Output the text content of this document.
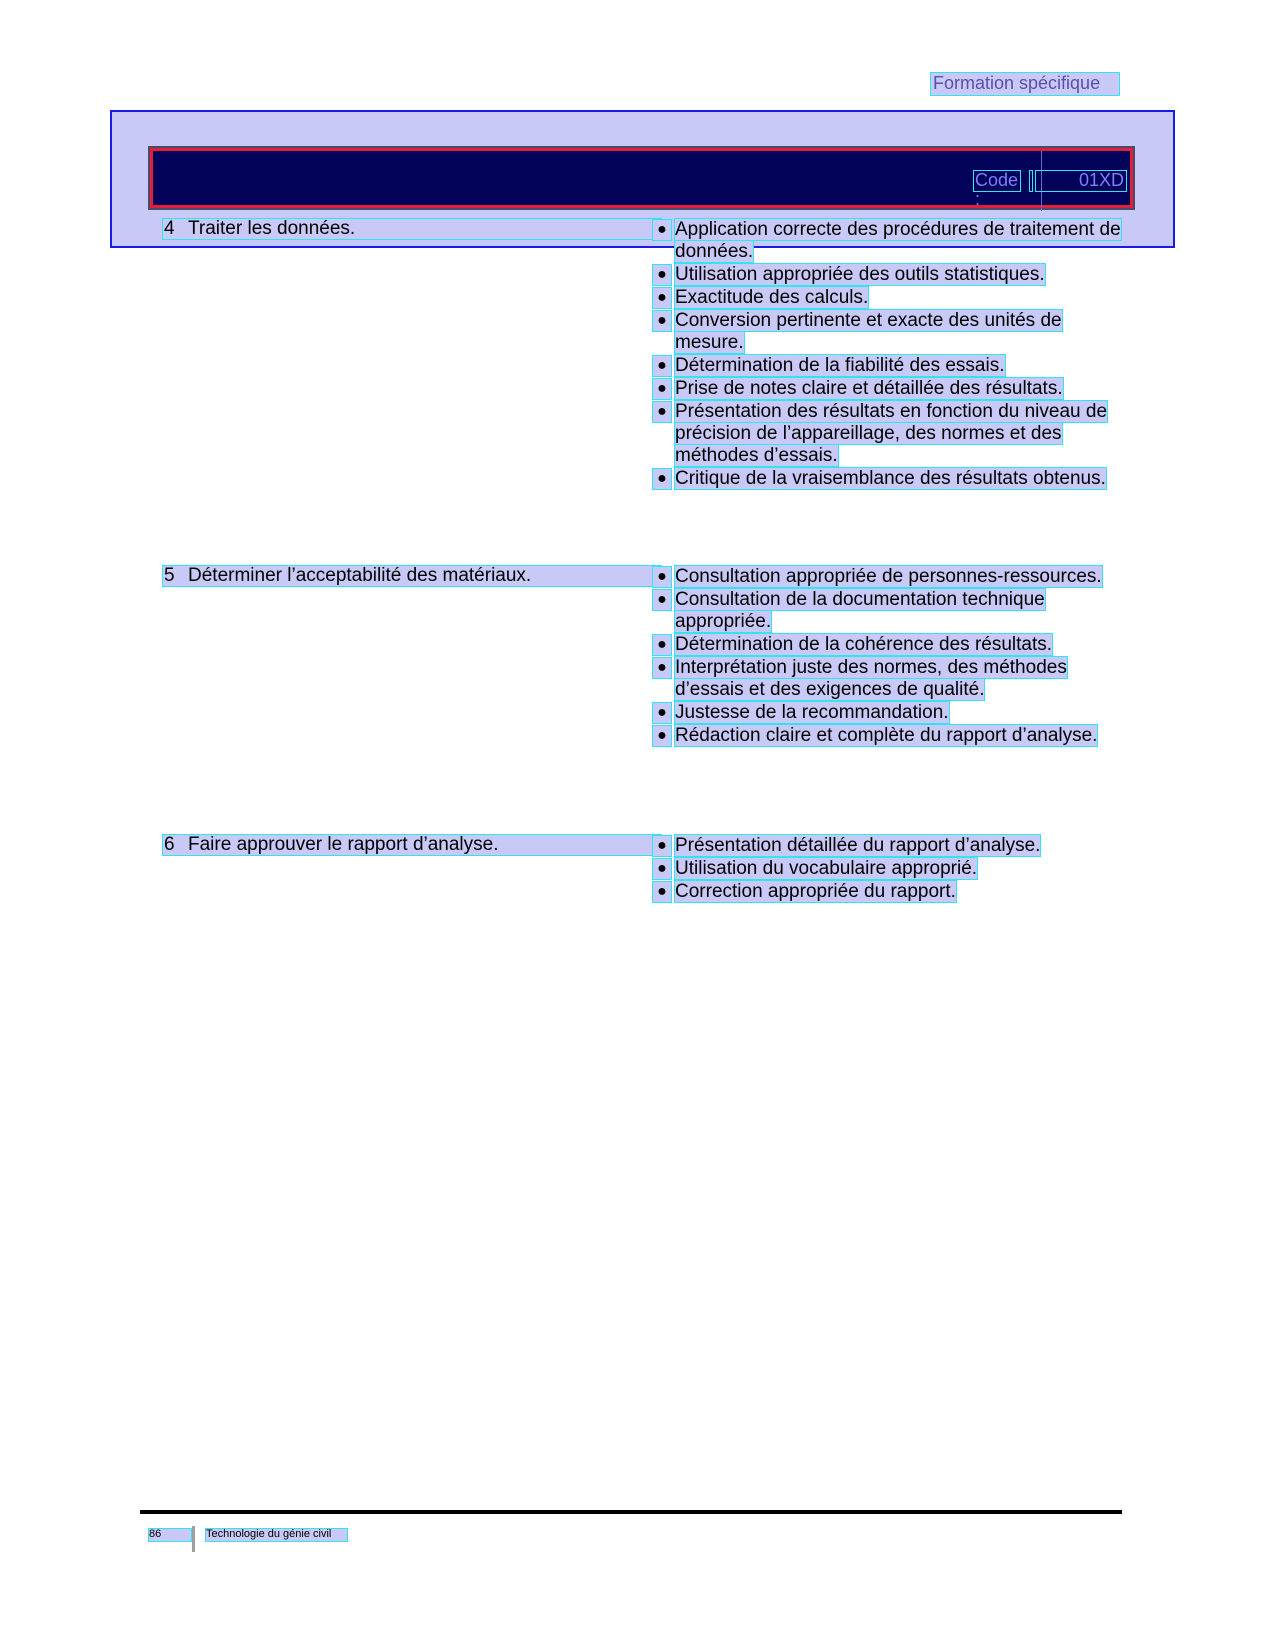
Formation spécifique
Code :
01XD
4 Traiter les données.	● Application correcte des procédures de traitement de données.
● Utilisation appropriée des outils statistiques.
● Exactitude des calculs.
● Conversion pertinente et exacte des unités de mesure.
● Détermination de la fiabilité des essais.
● Prise de notes claire et détaillée des résultats.
● Présentation des résultats en fonction du niveau de précision de l’appareillage, des normes et des méthodes d’essais.
● Critique de la vraisemblance des résultats obtenus.
5 Déterminer l’acceptabilité des matériaux.	● Consultation appropriée de personnes-ressources.
● Consultation de la documentation technique appropriée.
● Détermination de la cohérence des résultats.
● Interprétation juste des normes, des méthodes d’essais et des exigences de qualité.
● Justesse de la recommandation.
● Rédaction claire et complète du rapport d’analyse.
6 Faire approuver le rapport d’analyse.	● Présentation détaillée du rapport d’analyse.
● Utilisation du vocabulaire approprié.
● Correction appropriée du rapport.
86	Technologie du génie civil
